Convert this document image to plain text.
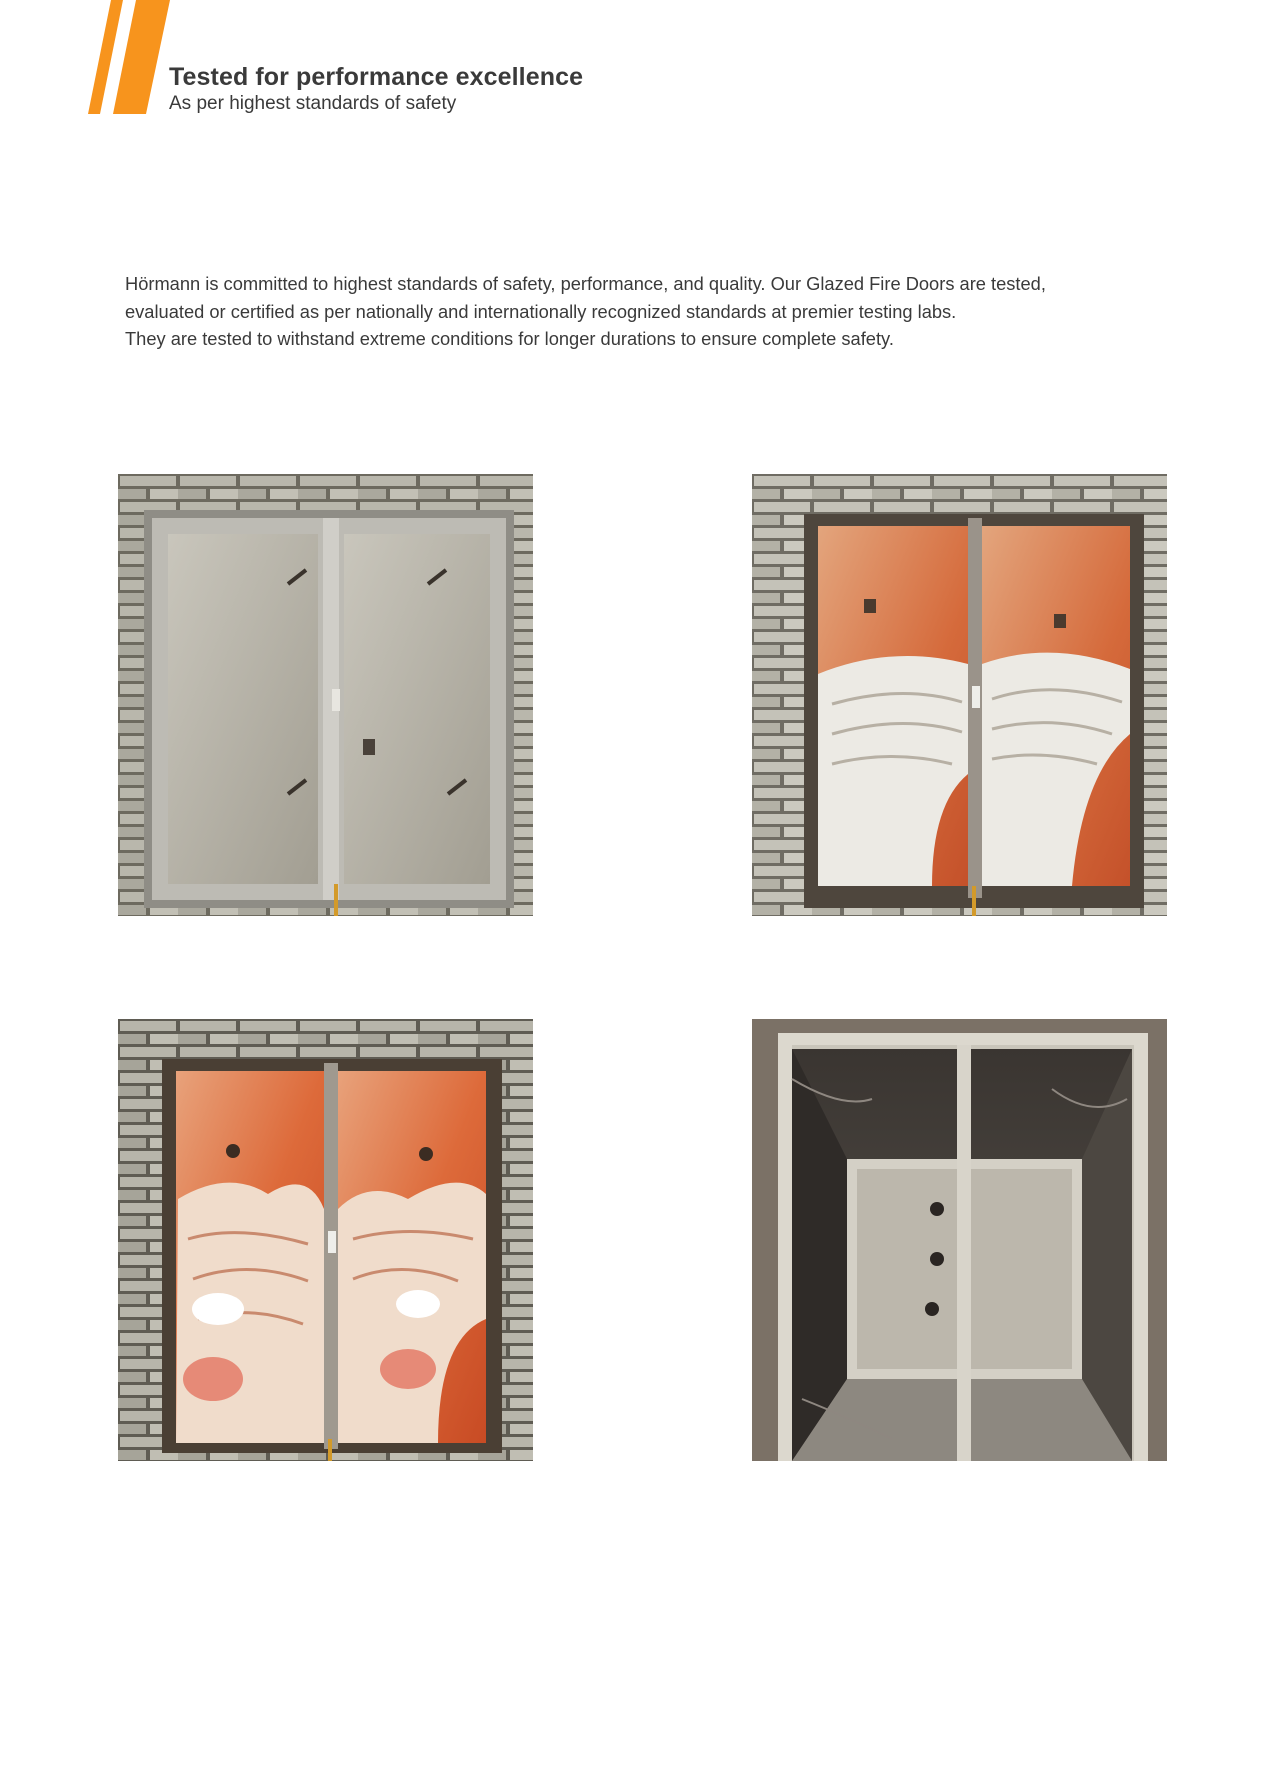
Tested for performance excellence

As per highest standards of safety

Hörmann is committed to highest standards of safety, performance, and quality. Our Glazed Fire Doors are tested,

evaluated or certified as per nationally and internationally recognized standards at premier testing labs.

They are tested to withstand extreme conditions for longer durations to ensure complete safety.
